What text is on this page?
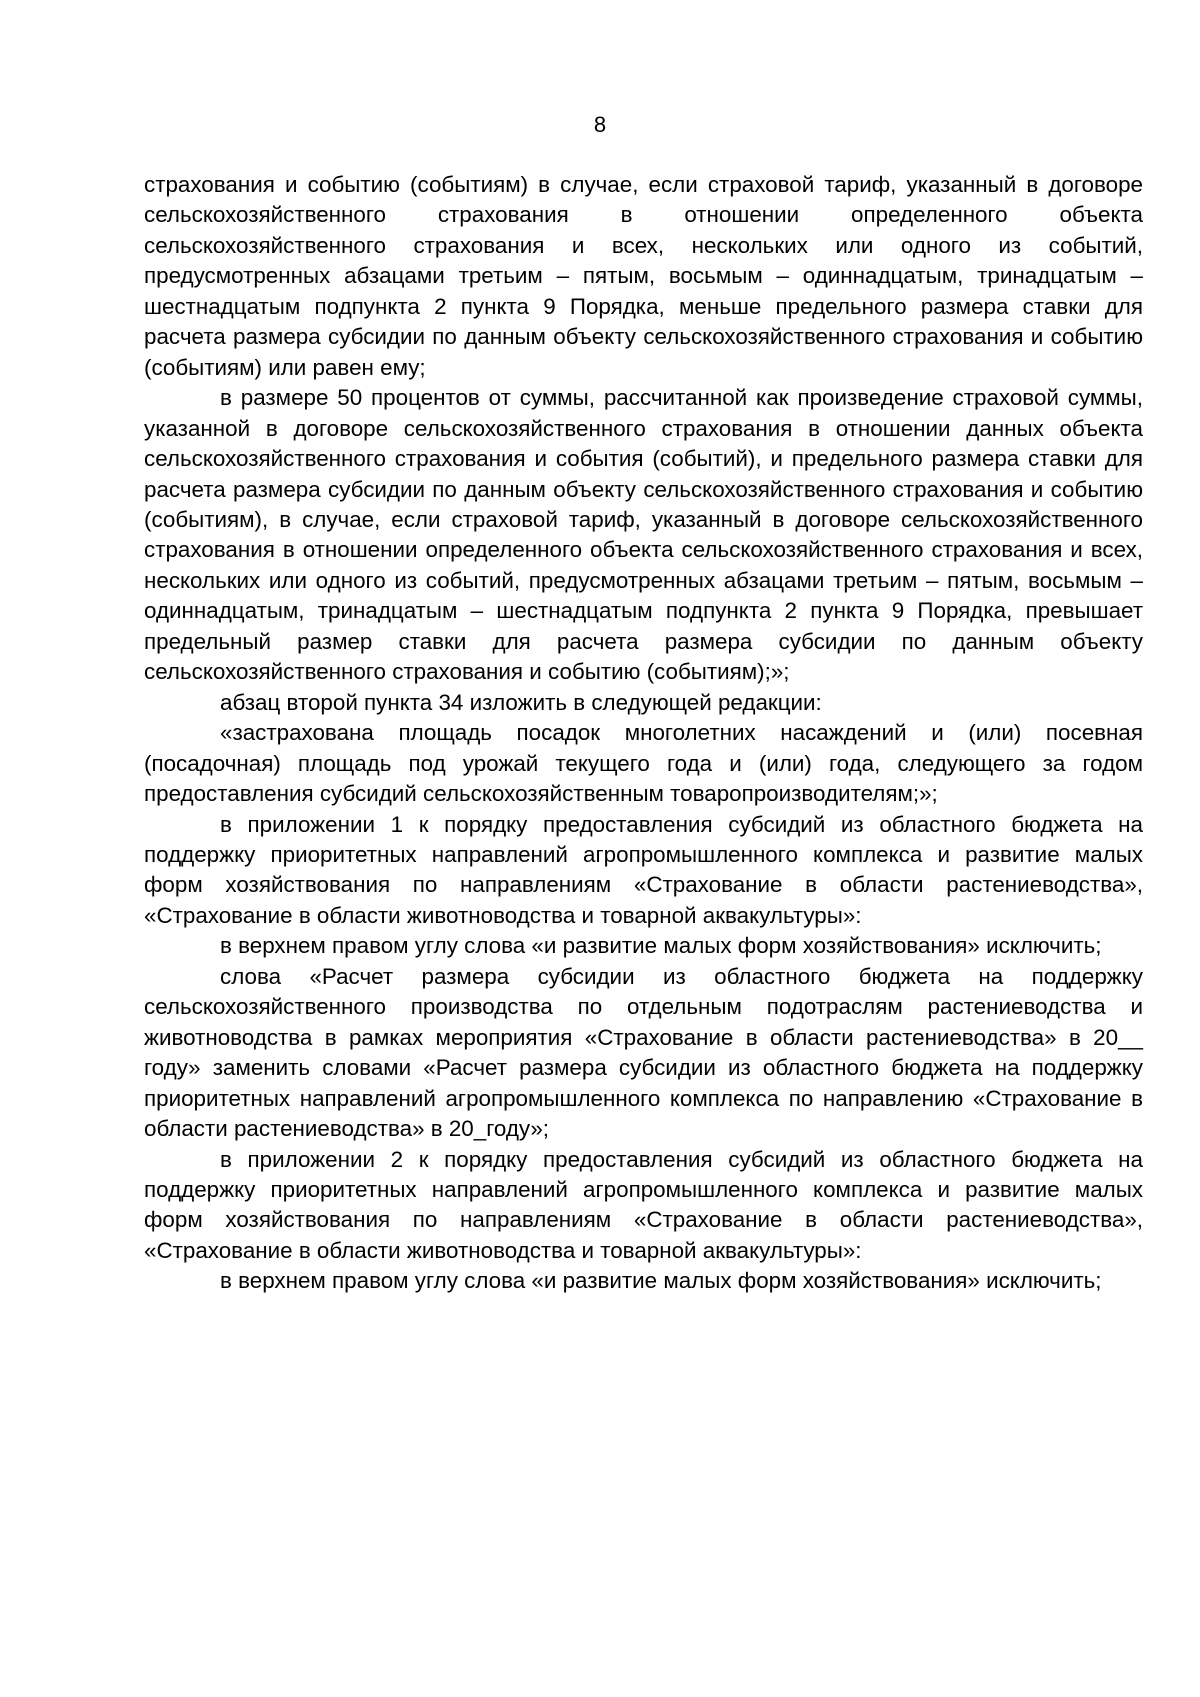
8

страхования и событию (событиям) в случае, если страховой тариф, указанный в договоре сельскохозяйственного страхования в отношении определенного объекта сельскохозяйственного страхования и всех, нескольких или одного из событий, предусмотренных абзацами третьим – пятым, восьмым – одиннадцатым, тринадцатым – шестнадцатым подпункта 2 пункта 9 Порядка, меньше предельного размера ставки для расчета размера субсидии по данным объекту сельскохозяйственного страхования и событию (событиям) или равен ему;

в размере 50 процентов от суммы, рассчитанной как произведение страховой суммы, указанной в договоре сельскохозяйственного страхования в отношении данных объекта сельскохозяйственного страхования и события (событий), и предельного размера ставки для расчета размера субсидии по данным объекту сельскохозяйственного страхования и событию (событиям), в случае, если страховой тариф, указанный в договоре сельскохозяйственного страхования в отношении определенного объекта сельскохозяйственного страхования и всех, нескольких или одного из событий, предусмотренных абзацами третьим – пятым, восьмым – одиннадцатым, тринадцатым – шестнадцатым подпункта 2 пункта 9 Порядка, превышает предельный размер ставки для расчета размера субсидии по данным объекту сельскохозяйственного страхования и событию (событиям);»;

абзац второй пункта 34 изложить в следующей редакции:

«застрахована площадь посадок многолетних насаждений и (или) посевная (посадочная) площадь под урожай текущего года и (или) года, следующего за годом предоставления субсидий сельскохозяйственным товаропроизводителям;»;

в приложении 1 к порядку предоставления субсидий из областного бюджета на поддержку приоритетных направлений агропромышленного комплекса и развитие малых форм хозяйствования по направлениям «Страхование в области растениеводства», «Страхование в области животноводства и товарной аквакультуры»:

в верхнем правом углу слова «и развитие малых форм хозяйствования» исключить;

слова «Расчет размера субсидии из областного бюджета на поддержку сельскохозяйственного производства по отдельным подотраслям растениеводства и животноводства в рамках мероприятия «Страхование в области растениеводства» в 20__ году» заменить словами «Расчет размера субсидии из областного бюджета на поддержку приоритетных направлений агропромышленного комплекса по направлению «Страхование в области растениеводства» в 20_году»;

в приложении 2 к порядку предоставления субсидий из областного бюджета на поддержку приоритетных направлений агропромышленного комплекса и развитие малых форм хозяйствования по направлениям «Страхование в области растениеводства», «Страхование в области животноводства и товарной аквакультуры»:

в верхнем правом углу слова «и развитие малых форм хозяйствования» исключить;
